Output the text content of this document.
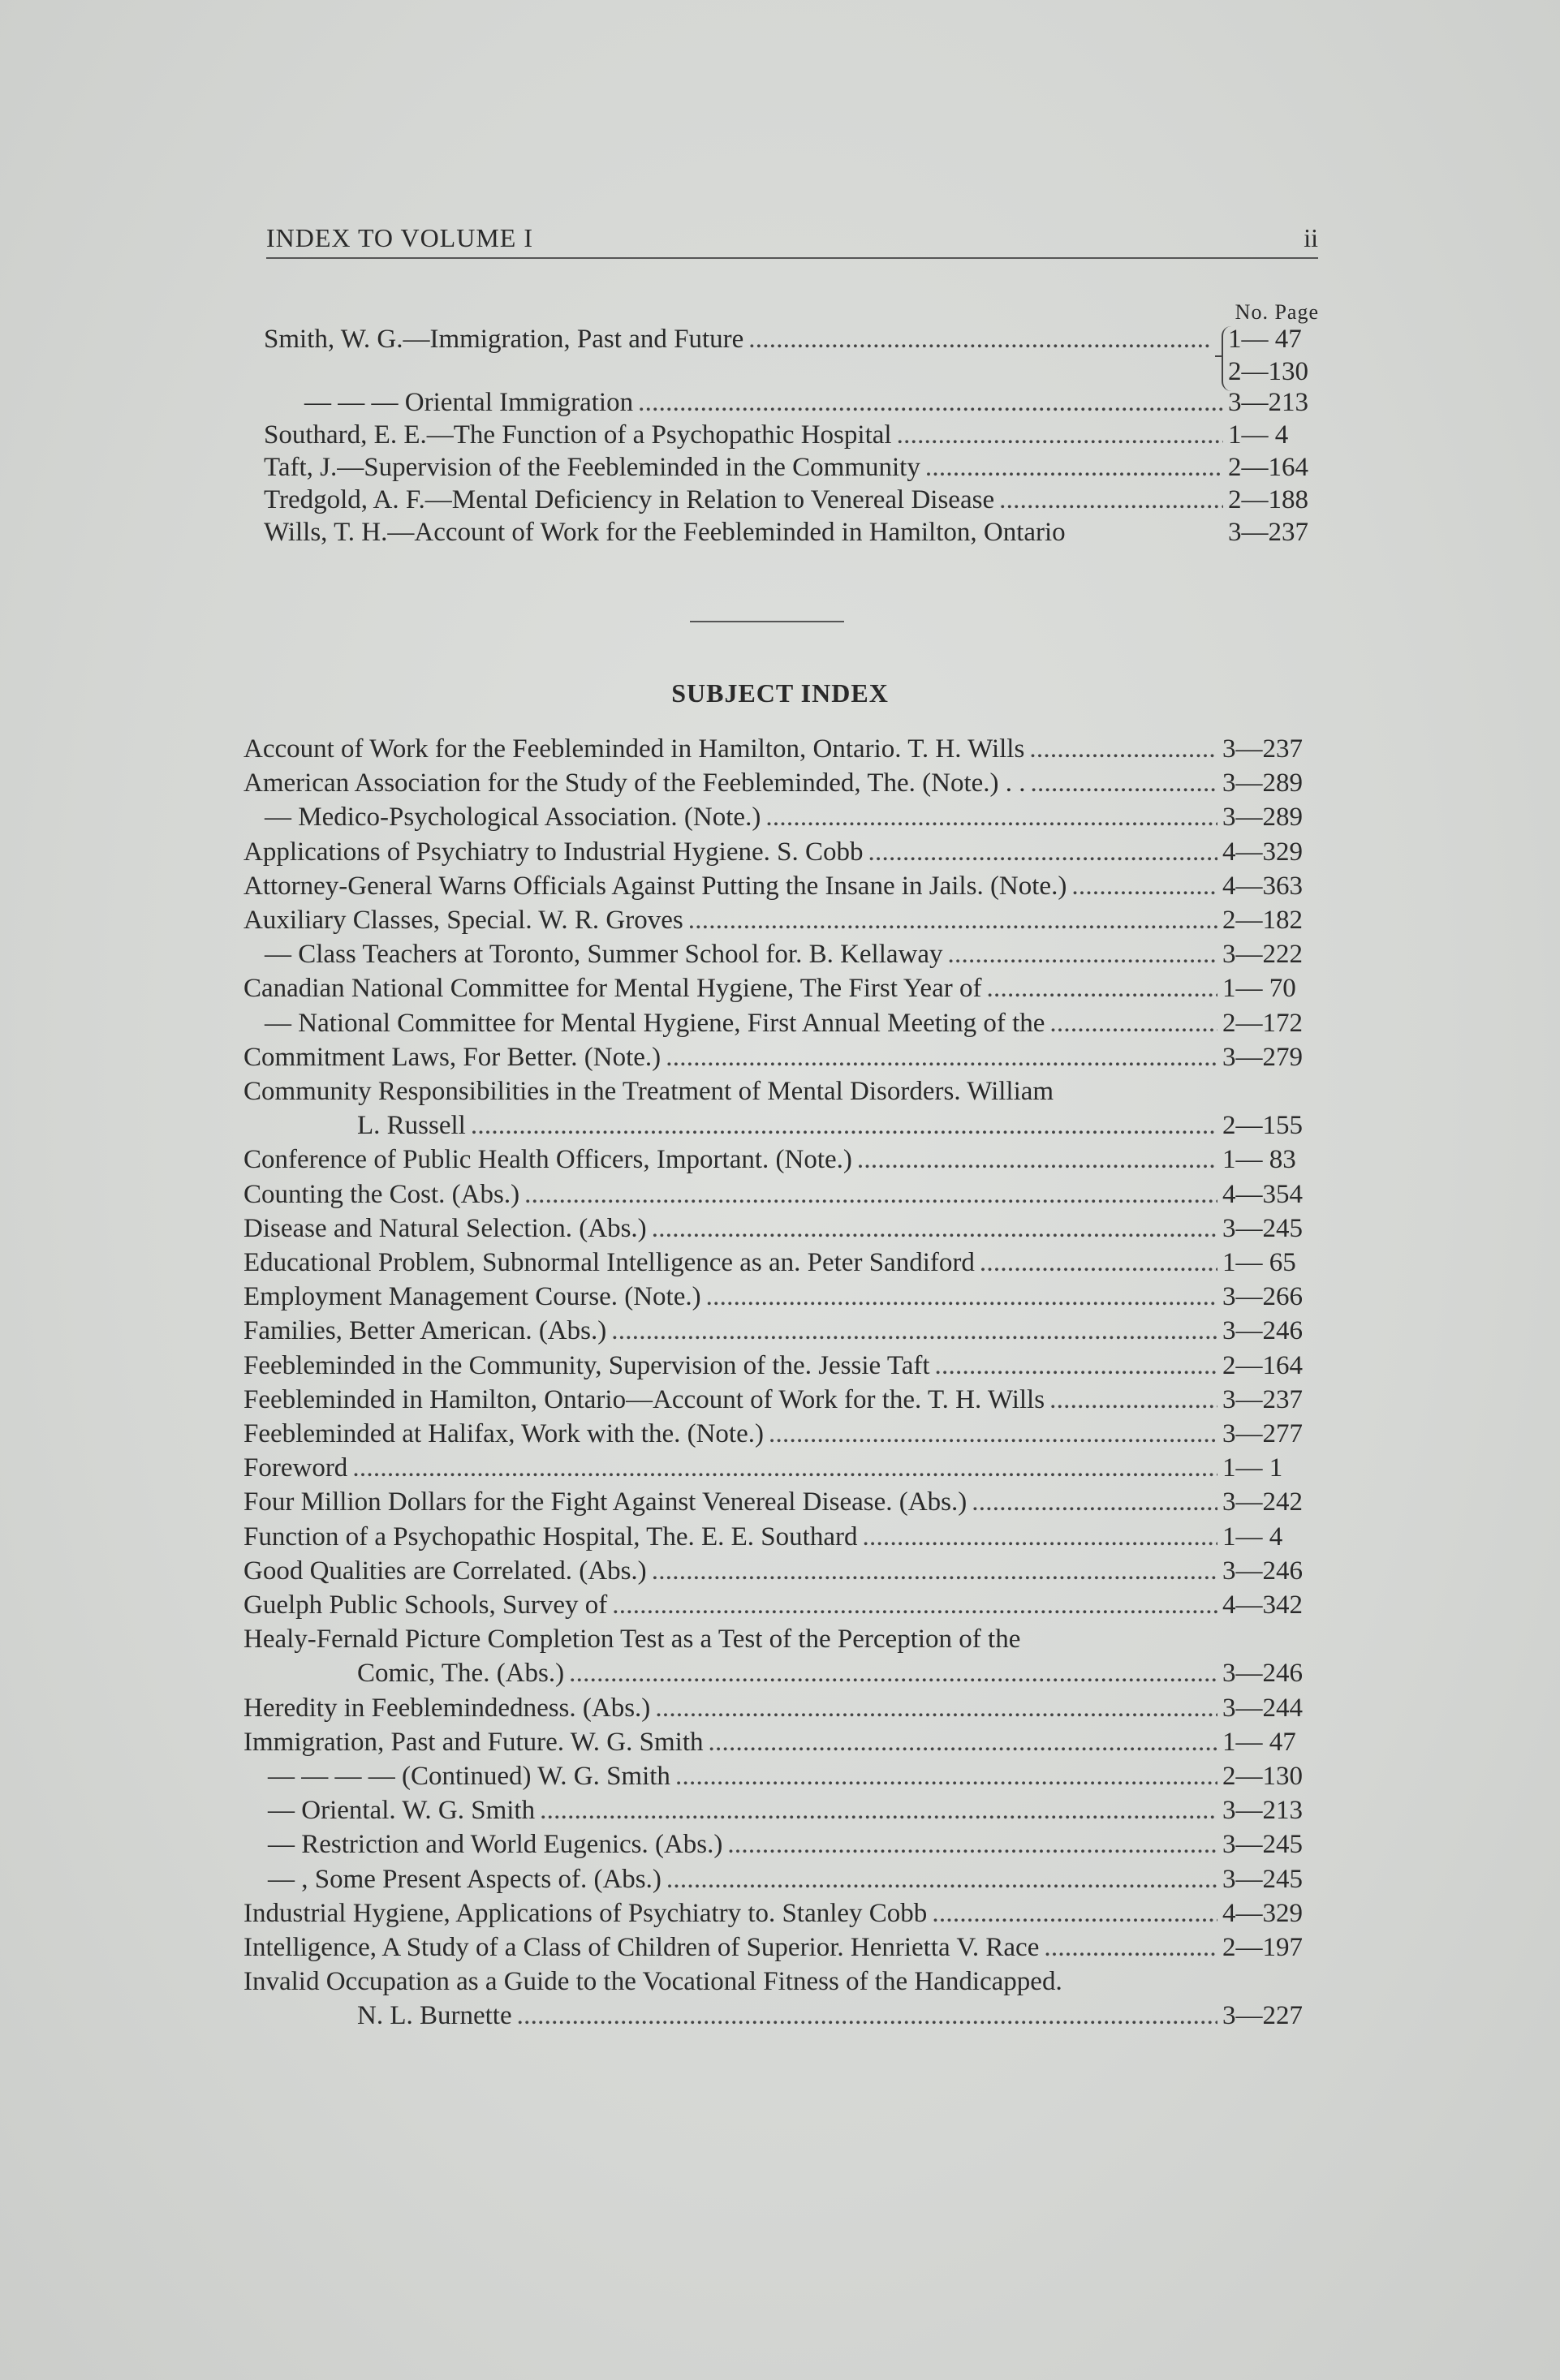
INDEX TO VOLUME I	ii
No. Page
Smith, W. G.—Immigration, Past and Future . . .	1— 47
2—130
— — — Oriental Immigration . . .	3—213
Southard, E. E.—The Function of a Psychopathic Hospital . . .	1— 4
Taft, J.—Supervision of the Feebleminded in the Community . . .	2—164
Tredgold, A. F.—Mental Deficiency in Relation to Venereal Disease . . .	2—188
Wills, T. H.—Account of Work for the Feebleminded in Hamilton, Ontario	3—237
SUBJECT INDEX
Account of Work for the Feebleminded in Hamilton, Ontario. T. H. Wills . . .	3—237
American Association for the Study of the Feebleminded, The. (Note.) . . . . .	3—289
— Medico-Psychological Association. (Note.) . . .	3—289
Applications of Psychiatry to Industrial Hygiene. S. Cobb . . .	4—329
Attorney-General Warns Officials Against Putting the Insane in Jails. (Note.) . . .	4—363
Auxiliary Classes, Special. W. R. Groves . . .	2—182
— Class Teachers at Toronto, Summer School for. B. Kellaway . . .	3—222
Canadian National Committee for Mental Hygiene, The First Year of . . .	1— 70
— National Committee for Mental Hygiene, First Annual Meeting of the . . .	2—172
Commitment Laws, For Better. (Note.) . . .	3—279
Community Responsibilities in the Treatment of Mental Disorders. William
L. Russell . . .	2—155
Conference of Public Health Officers, Important. (Note.) . . .	1— 83
Counting the Cost. (Abs.) . . .	4—354
Disease and Natural Selection. (Abs.) . . .	3—245
Educational Problem, Subnormal Intelligence as an. Peter Sandiford . . .	1— 65
Employment Management Course. (Note.) . . .	3—266
Families, Better American. (Abs.) . . .	3—246
Feebleminded in the Community, Supervision of the. Jessie Taft . . .	2—164
Feebleminded in Hamilton, Ontario—Account of Work for the. T. H. Wills . . .	3—237
Feebleminded at Halifax, Work with the. (Note.) . . .	3—277
Foreword . . .	1— 1
Four Million Dollars for the Fight Against Venereal Disease. (Abs.) . . .	3—242
Function of a Psychopathic Hospital, The. E. E. Southard . . .	1— 4
Good Qualities are Correlated. (Abs.) . . .	3—246
Guelph Public Schools, Survey of . . .	4—342
Healy-Fernald Picture Completion Test as a Test of the Perception of the
Comic, The. (Abs.) . . .	3—246
Heredity in Feeblemindedness. (Abs.) . . .	3—244
Immigration, Past and Future. W. G. Smith . . .	1— 47
— — — — (Continued) W. G. Smith . . .	2—130
— Oriental. W. G. Smith . . .	3—213
— Restriction and World Eugenics. (Abs.) . . .	3—245
— , Some Present Aspects of. (Abs.) . . .	3—245
Industrial Hygiene, Applications of Psychiatry to. Stanley Cobb . . .	4—329
Intelligence, A Study of a Class of Children of Superior. Henrietta V. Race . . .	2—197
Invalid Occupation as a Guide to the Vocational Fitness of the Handicapped.
N. L. Burnette . . .	3—227
